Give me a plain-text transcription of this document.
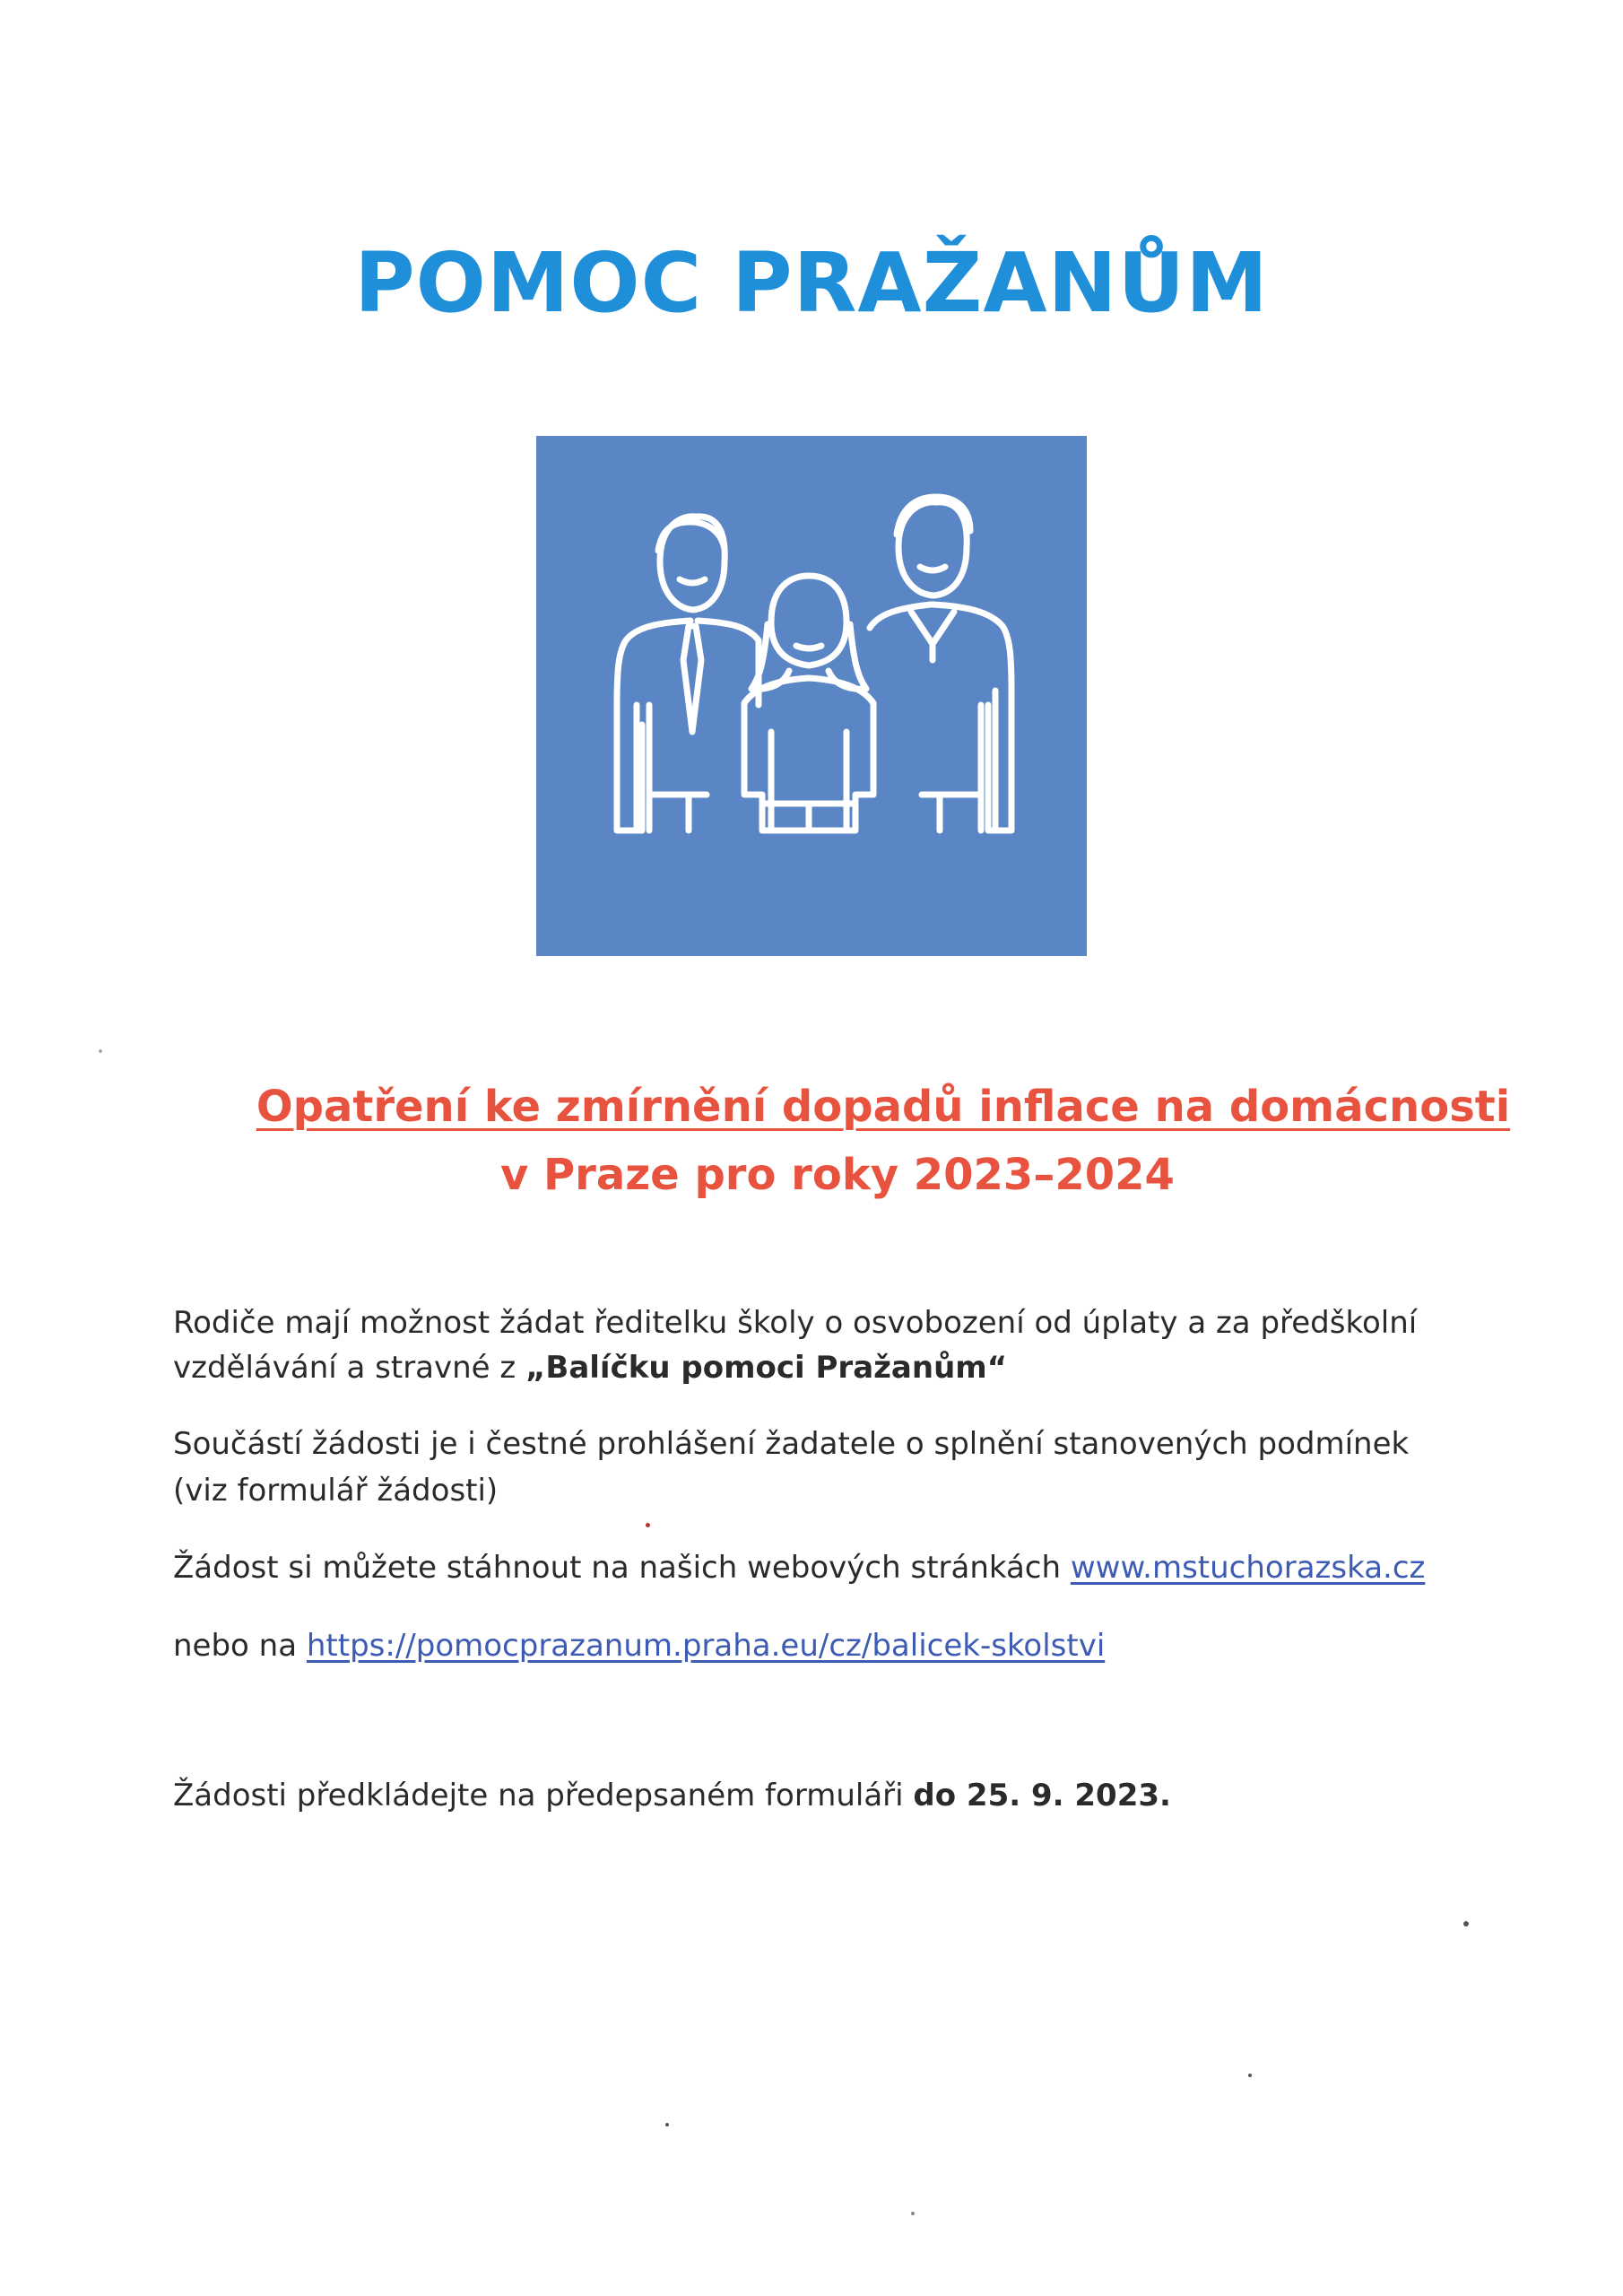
POMOC PRAŽANŮM
Opatření ke zmírnění dopadů inflace na domácnosti
v Praze pro roky 2023–2024
Rodiče mají možnost žádat ředitelku školy o osvobození od úplaty a za předškolní
vzdělávání a stravné z „Balíčku pomoci Pražanům“
Součástí žádosti je i čestné prohlášení žadatele o splnění stanovených podmínek
(viz formulář žádosti)
Žádost si můžete stáhnout na našich webových stránkách www.mstuchorazska.cz
nebo na https://pomocprazanum.praha.eu/cz/balicek-skolstvi
Žádosti předkládejte na předepsaném formuláři do 25. 9. 2023.
